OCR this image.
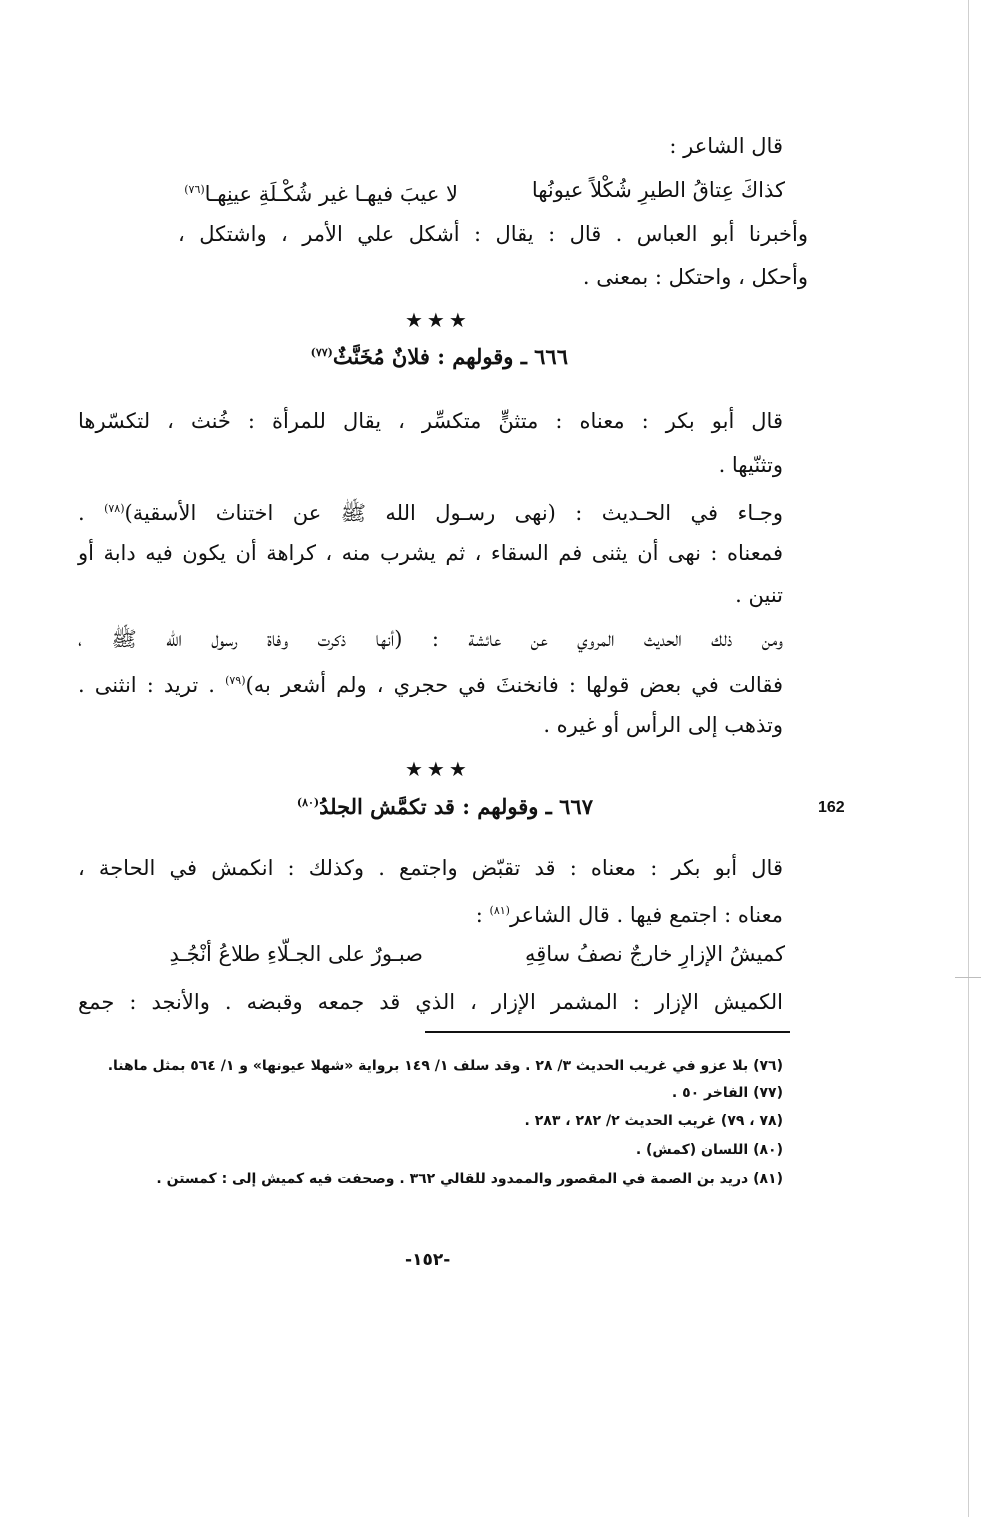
قال الشاعر :
كذاكَ عِتاقُ الطيرِ شُكْلاً عيونُها
لا عيبَ فيهـا غير شُكْـلَةِ عينِهـا$^{(٧٦)}$
وأخبرنا أبو العباس . قال : يقال : أشكل علي الأمر ، واشتكل ،
وأحكل ، واحتكل : بمعنى .
★★★
٦٦٦ ـ وقولهم : فلانٌ مُخَنَّثٌ$^{(٧٧)}$
قال أبو بكر : معناه : متثنٍّ متكسِّر ، يقال للمرأة : خُنث ، لتكسّرها
وتثنّيها .
وجـاء في الحـديث : (نهى رسـول الله ﷺ عن اختناث الأسقية)$^{(٧٨)}$ .
فمعناه : نهى أن يثنى فم السقاء ، ثم يشرب منه ، كراهة أن يكون فيه دابة أو
تنين .
ومن ذلك الحديث المروي عن عائشة : (أنها ذكرت وفاة رسول الله ﷺ ،
فقالت في بعض قولها : فانخنثَ في حجري ، ولم أشعر به)$^{(٧٩)}$ . تريد : انثنى .
وتذهب إلى الرأس أو غيره .
★★★
٦٦٧ ـ وقولهم : قد تكمَّش الجلدُ$^{(٨٠)}$	162
قال أبو بكر : معناه : قد تقبّض واجتمع . وكذلك : انكمش في الحاجة ،
معناه : اجتمع فيها . قال الشاعر$^{(٨١)}$ :
كميشُ الإزارِ خارجٌ نصفُ ساقِهِ
صبـورٌ على الجـلّاءِ طلاعُ أنْجُـدِ
الكميش الإزار : المشمر الإزار ، الذي قد جمعه وقبضه . والأنجد : جمع
(٧٦) بلا عزو في غريب الحديث ٣/ ٢٨ . وقد سلف ١/ ١٤٩ برواية «شهلا عيونها» و ١/ ٥٦٤ بمثل ماهنا.
(٧٧) الفاخر ٥٠ .
(٧٨ ، ٧٩) غريب الحديث ٢/ ٢٨٢ ، ٢٨٣ .
(٨٠) اللسان (كمش) .
(٨١) دريد بن الصمة في المقصور والممدود للقالي ٣٦٢ . وصحفت فيه كميش إلى : كمستن .
-١٥٢-
